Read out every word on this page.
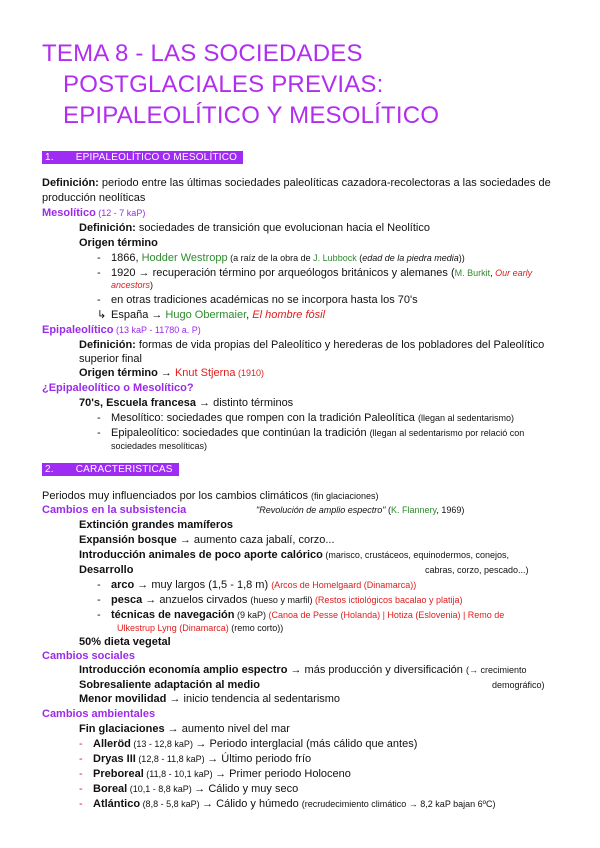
TEMA 8 - LAS SOCIEDADES
POSTGLACIALES PREVIAS:
EPIPALEOLÍTICO Y MESOLÍTICO
1. EPIPALEOLÍTICO O MESOLÍTICO
Definición: periodo entre las últimas sociedades paleolíticas cazadora-recolectoras a las sociedades de
producción neolíticas
Mesolítico (12 - 7 kaP)
Definición: sociedades de transición que evolucionan hacia el Neolítico
Origen término
- 1866, Hodder Westropp (a raíz de la obra de J. Lubbock (edad de la piedra media))
- 1920 → recuperación término por arqueólogos británicos y alemanes (M. Burkit, Our early
ancestors)
- en otras tradiciones académicas no se incorpora hasta los 70's
↳ España → Hugo Obermaier, El hombre fósil
Epipaleolítico (13 kaP - 11780 a. P)
Definición: formas de vida propias del Paleolítico y herederas de los pobladores del Paleolítico
superior final
Origen término → Knut Stjerna (1910)
¿Epipaleolítico o Mesolítico?
70's, Escuela francesa → distinto términos
- Mesolítico: sociedades que rompen con la tradición Paleolítica (llegan al sedentarismo)
- Epipaleolítico: sociedades que continúan la tradición (llegan al sedentarismo por relació con
sociedades mesolíticas)
2. CARACTERISTICAS
Periodos muy influenciados por los cambios climáticos (fin glaciaciones)
Cambios en la subsistencia	"Revolución de amplio espectro" (K. Flannery, 1969)
Extinción grandes mamíferos
Expansión bosque → aumento caza jabalí, corzo...
Introducción animales de poco aporte calórico (marisco, crustáceos, equinodermos, conejos,
Desarrollo	cabras, corzo, pescado...)
- arco → muy largos (1,5 - 1,8 m) (Arcos de Homelgaard (Dinamarca))
- pesca → anzuelos cirvados (hueso y marfil) (Restos ictiológicos bacalao y platija)
- técnicas de navegación (9 kaP) (Canoa de Pesse (Holanda) | Hotiza (Eslovenia) | Remo de
Ulkestrup Lyng (Dinamarca) (remo corto))
50% dieta vegetal
Cambios sociales
Introducción economía amplio espectro → más producción y diversificación (→ crecimiento
Sobresaliente adaptación al medio	demográfico)
Menor movilidad → inicio tendencia al sedentarismo
Cambios ambientales
Fin glaciaciones → aumento nivel del mar
- Alleröd (13 - 12,8 kaP) → Periodo interglacial (más cálido que antes)
- Dryas III (12,8 - 11,8 kaP) → Último periodo frío
- Preboreal (11,8 - 10,1 kaP) → Primer periodo Holoceno
- Boreal (10,1 - 8,8 kaP) → Cálido y muy seco
- Atlántico (8,8 - 5,8 kaP) → Cálido y húmedo (recrudecimiento climático → 8,2 kaP bajan 6ºC)
